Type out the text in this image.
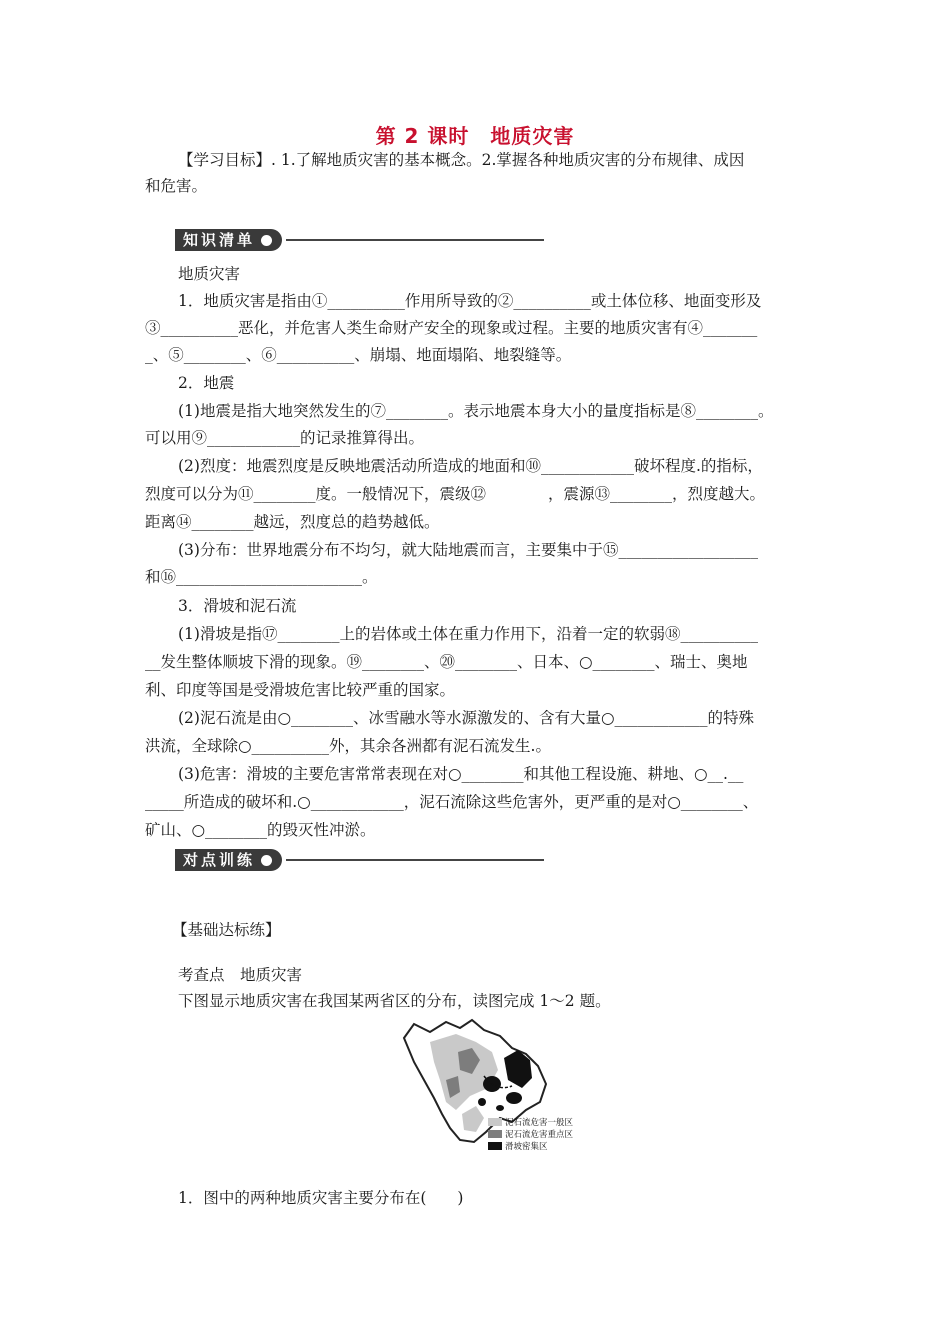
第 2 课时　地质灾害
【学习目标】. 1.了解地质灾害的基本概念。2.掌握各种地质灾害的分布规律、成因
和危害。
知识清单
地质灾害
1．地质灾害是指由①__________作用所导致的②__________或土体位移、地面变形及
③__________恶化，并危害人类生命财产安全的现象或过程。主要的地质灾害有④_______
_、⑤________、⑥__________、崩塌、地面塌陷、地裂缝等。
2．地震
(1)地震是指大地突然发生的⑦________。表示地震本身大小的量度指标是⑧________。
可以用⑨____________的记录推算得出。
(2)烈度：地震烈度是反映地震活动所造成的地面和⑩____________破坏程度.的指标，
烈度可以分为⑪________度。一般情况下，震级⑫　　　　，震源⑬________，烈度越大。
距离⑭________越远，烈度总的趋势越低。
(3)分布：世界地震分布不均匀，就大陆地震而言，主要集中于⑮__________________
和⑯________________________。
3．滑坡和泥石流
(1)滑坡是指⑰________上的岩体或土体在重力作用下，沿着一定的软弱⑱__________
__发生整体顺坡下滑的现象。⑲________、⑳________、日本、○________、瑞士、奥地
利、印度等国是受滑坡危害比较严重的国家。
(2)泥石流是由○________、冰雪融水等水源激发的、含有大量○____________的特殊
洪流，全球除○__________外，其余各洲都有泥石流发生.。
(3)危害：滑坡的主要危害常常表现在对○________和其他工程设施、耕地、○__.__
_____所造成的破坏和.○____________，泥石流除这些危害外，更严重的是对○________、
矿山、○________的毁灭性冲淤。
对点训练
【基础达标练】
考查点　地质灾害
下图显示地质灾害在我国某两省区的分布，读图完成 1～2 题。
泥石流危害一般区
泥石流危害重点区
滑坡密集区
1．图中的两种地质灾害主要分布在(　　)
